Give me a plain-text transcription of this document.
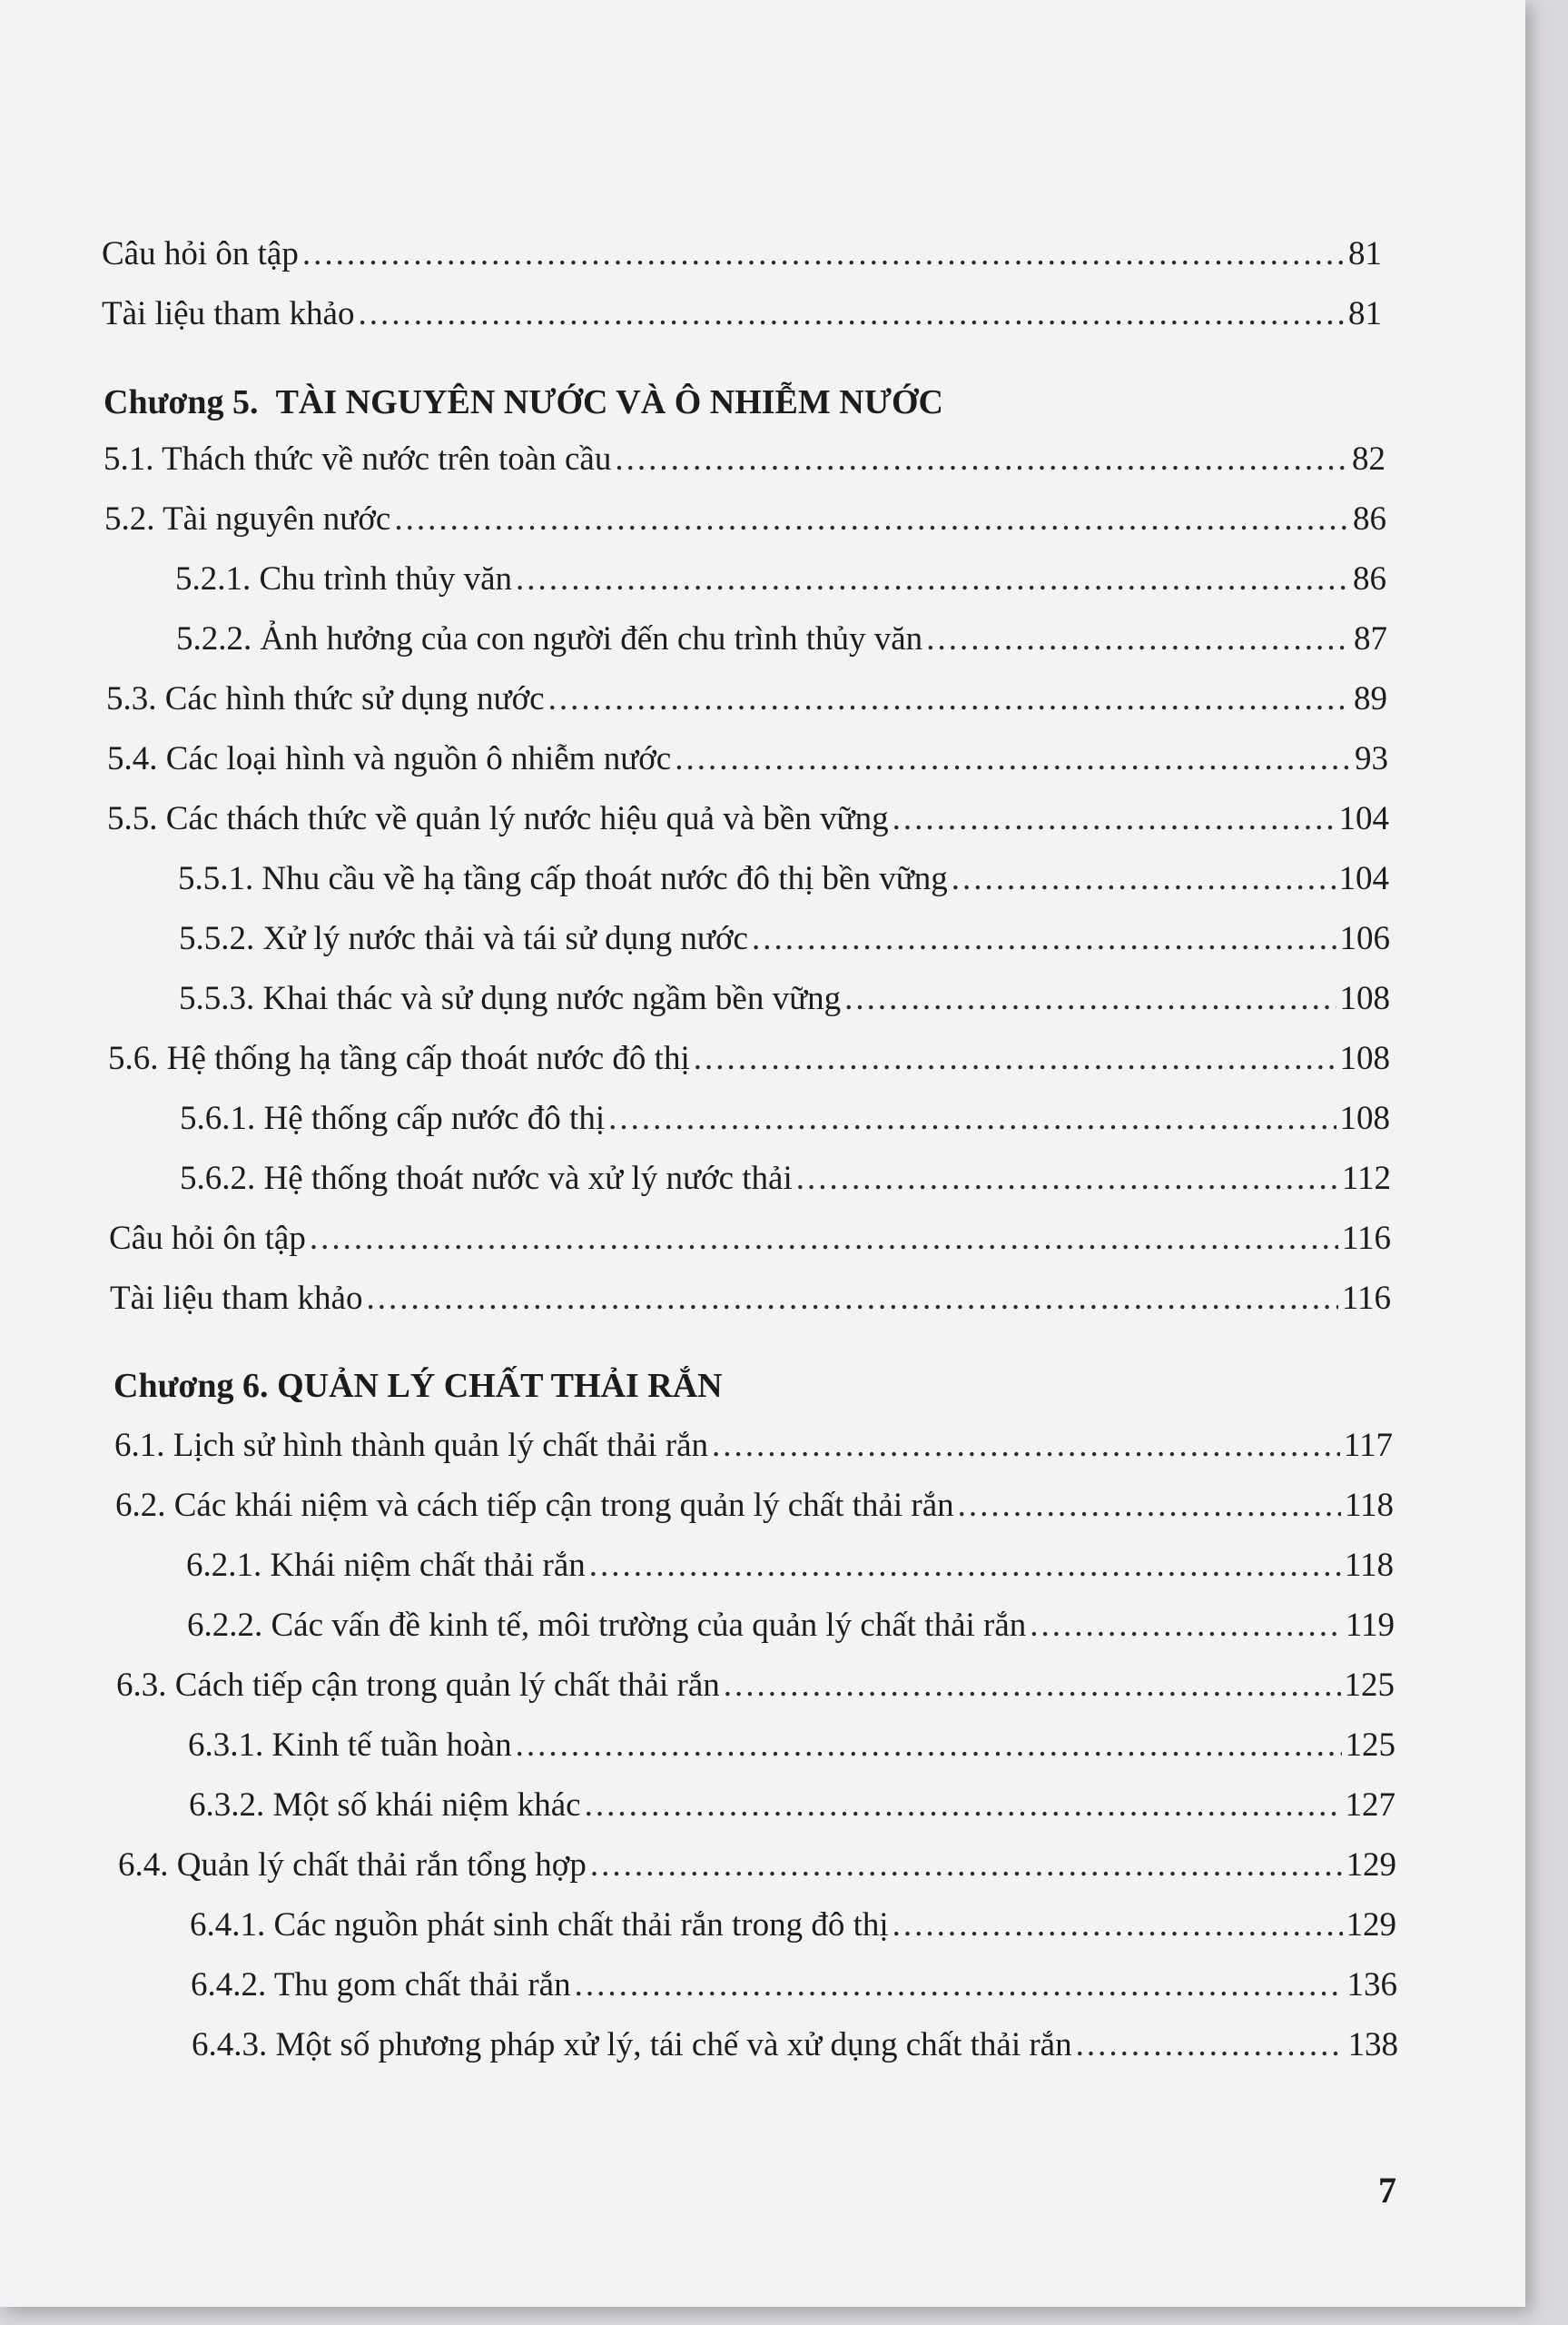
Câu hỏi ôn tập .....	81
Tài liệu tham khảo .....	81
Chương 5. TÀI NGUYÊN NƯỚC VÀ Ô NHIỄM NƯỚC
5.1. Thách thức về nước trên toàn cầu .....	82
5.2. Tài nguyên nước .....	86
5.2.1. Chu trình thủy văn .....	86
5.2.2. Ảnh hưởng của con người đến chu trình thủy văn .....	87
5.3. Các hình thức sử dụng nước .....	89
5.4. Các loại hình và nguồn ô nhiễm nước .....	93
5.5. Các thách thức về quản lý nước hiệu quả và bền vững .....	104
5.5.1. Nhu cầu về hạ tầng cấp thoát nước đô thị bền vững .....	104
5.5.2. Xử lý nước thải và tái sử dụng nước .....	106
5.5.3. Khai thác và sử dụng nước ngầm bền vững .....	108
5.6. Hệ thống hạ tầng cấp thoát nước đô thị .....	108
5.6.1. Hệ thống cấp nước đô thị .....	108
5.6.2. Hệ thống thoát nước và xử lý nước thải .....	112
Câu hỏi ôn tập .....	116
Tài liệu tham khảo .....	116
Chương 6. QUẢN LÝ CHẤT THẢI RẮN
6.1. Lịch sử hình thành quản lý chất thải rắn .....	117
6.2. Các khái niệm và cách tiếp cận trong quản lý chất thải rắn .....	118
6.2.1. Khái niệm chất thải rắn .....	118
6.2.2. Các vấn đề kinh tế, môi trường của quản lý chất thải rắn .....	119
6.3. Cách tiếp cận trong quản lý chất thải rắn .....	125
6.3.1. Kinh tế tuần hoàn .....	125
6.3.2. Một số khái niệm khác .....	127
6.4. Quản lý chất thải rắn tổng hợp .....	129
6.4.1. Các nguồn phát sinh chất thải rắn trong đô thị .....	129
6.4.2. Thu gom chất thải rắn .....	136
6.4.3. Một số phương pháp xử lý, tái chế và xử dụng chất thải rắn .....	138
7
